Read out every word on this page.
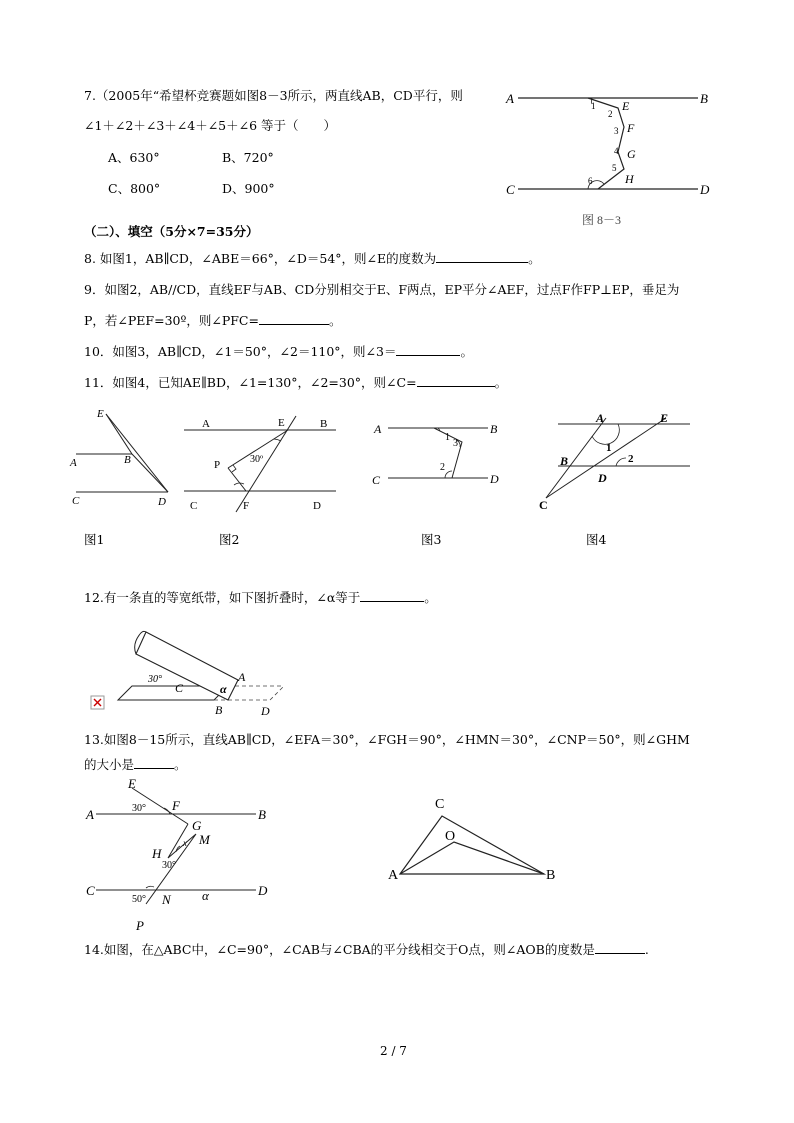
7.（2005年“希望杯竞赛题如图8－3所示，两直线AB，CD平行，则
∠1＋∠2＋∠3＋∠4＋∠5＋∠6 等于（　　）
A、630°	B、720°
C、800°	D、900°
A	B
C	D
E
F
G
H
1
2
3
4
5
6
图 8－3
（二）、填空（5分×7=35分）
8. 如图1，AB∥CD，∠ABE＝66°，∠D＝54°，则∠E的度数为	。
9．如图2，AB//CD，直线EF与AB、CD分别相交于E、F两点，EP平分∠AEF，过点F作FP⊥EP，垂足为
P，若∠PEF=30º，则∠PFC=	。
10．如图3，AB∥CD，∠1＝50°，∠2＝110°，则∠3＝	。
11．如图4，已知AE∥BD，∠1=130°，∠2=30°，则∠C=	。
E
A	B
C	D
A	E	B
P	30º
C	F	D
A
1
3
B
2
C	D
A	E
1
2
B
D
C
图1	图2	图3	图4
12.有一条直的等宽纸带，如下图折叠时，∠α等于	。
30°
C	α
A
B	D
13.如图8－15所示，直线AB∥CD，∠EFA＝30°，∠FGH＝90°，∠HMN＝30°，∠CNP＝50°，则∠GHM
的大小是	。
E
30° F
A	B
G
H
x M
30°
C
50° N α	D
P
C
O
A	B
14.如图，在△ABC中，∠C=90°，∠CAB与∠CBA的平分线相交于O点，则∠AOB的度数是	.
2 / 7
